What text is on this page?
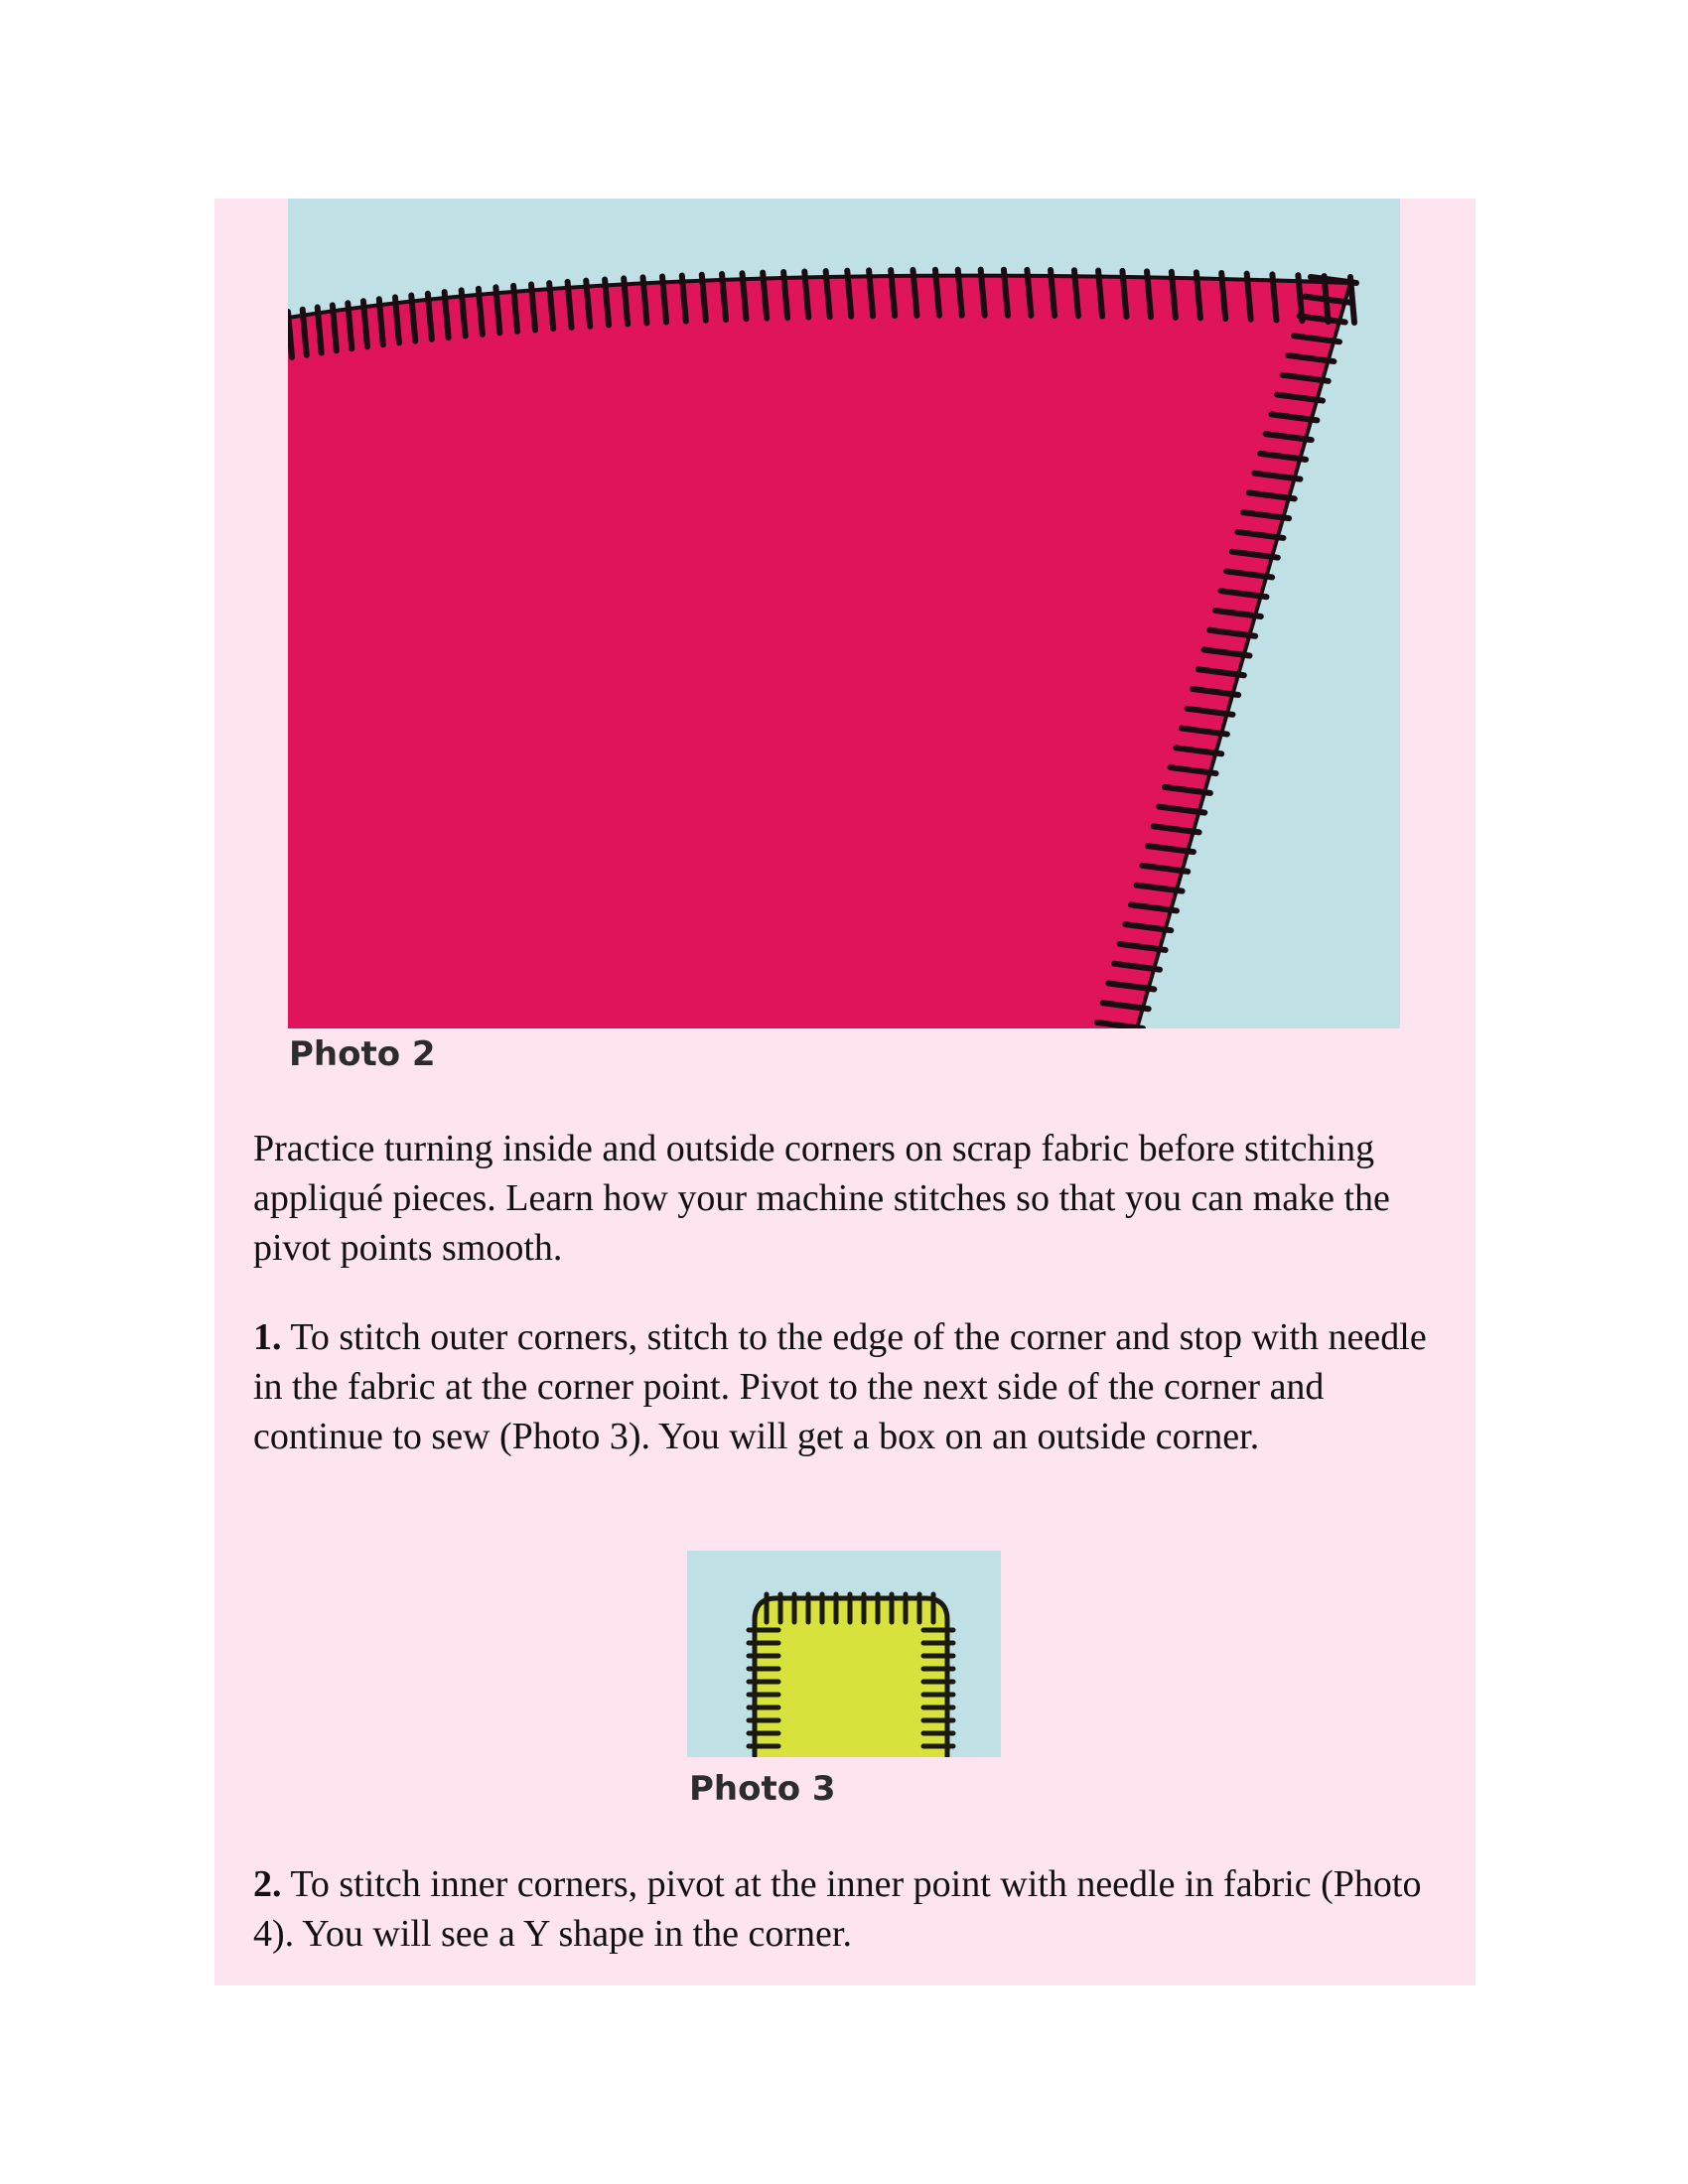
Photo 2

Practice turning inside and outside corners on scrap fabric before stitching appliqué pieces. Learn how your machine stitches so that you can make the pivot points smooth.

1. To stitch outer corners, stitch to the edge of the corner and stop with needle in the fabric at the corner point. Pivot to the next side of the corner and continue to sew (Photo 3). You will get a box on an outside corner.

Photo 3

2. To stitch inner corners, pivot at the inner point with needle in fabric (Photo 4). You will see a Y shape in the corner.
